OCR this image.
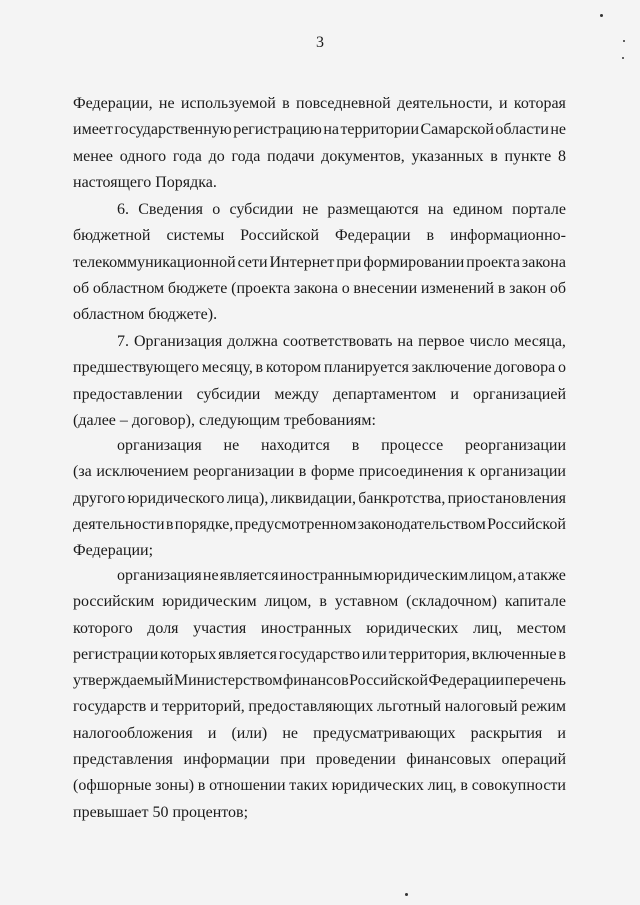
3
Федерации, не используемой в повседневной деятельности, и которая
имеет государственную регистрацию на территории Самарской области не
менее одного года до года подачи документов, указанных в пункте 8
настоящего Порядка.
6. Сведения о субсидии не размещаются на едином портале
бюджетной системы Российской Федерации в информационно-
телекоммуникационной сети Интернет при формировании проекта закона
об областном бюджете (проекта закона о внесении изменений в закон об
областном бюджете).
7. Организация должна соответствовать на первое число месяца,
предшествующего месяцу, в котором планируется заключение договора о
предоставлении субсидии между департаментом и организацией
(далее – договор), следующим требованиям:
организация не находится в процессе реорганизации
(за исключением реорганизации в форме присоединения к организации
другого юридического лица), ликвидации, банкротства, приостановления
деятельности в порядке, предусмотренном законодательством Российской
Федерации;
организация не является иностранным юридическим лицом, а также
российским юридическим лицом, в уставном (складочном) капитале
которого доля участия иностранных юридических лиц, местом
регистрации которых является государство или территория, включенные в
утверждаемый Министерством финансов Российской Федерации перечень
государств и территорий, предоставляющих льготный налоговый режим
налогообложения и (или) не предусматривающих раскрытия и
представления информации при проведении финансовых операций
(офшорные зоны) в отношении таких юридических лиц, в совокупности
превышает 50 процентов;
